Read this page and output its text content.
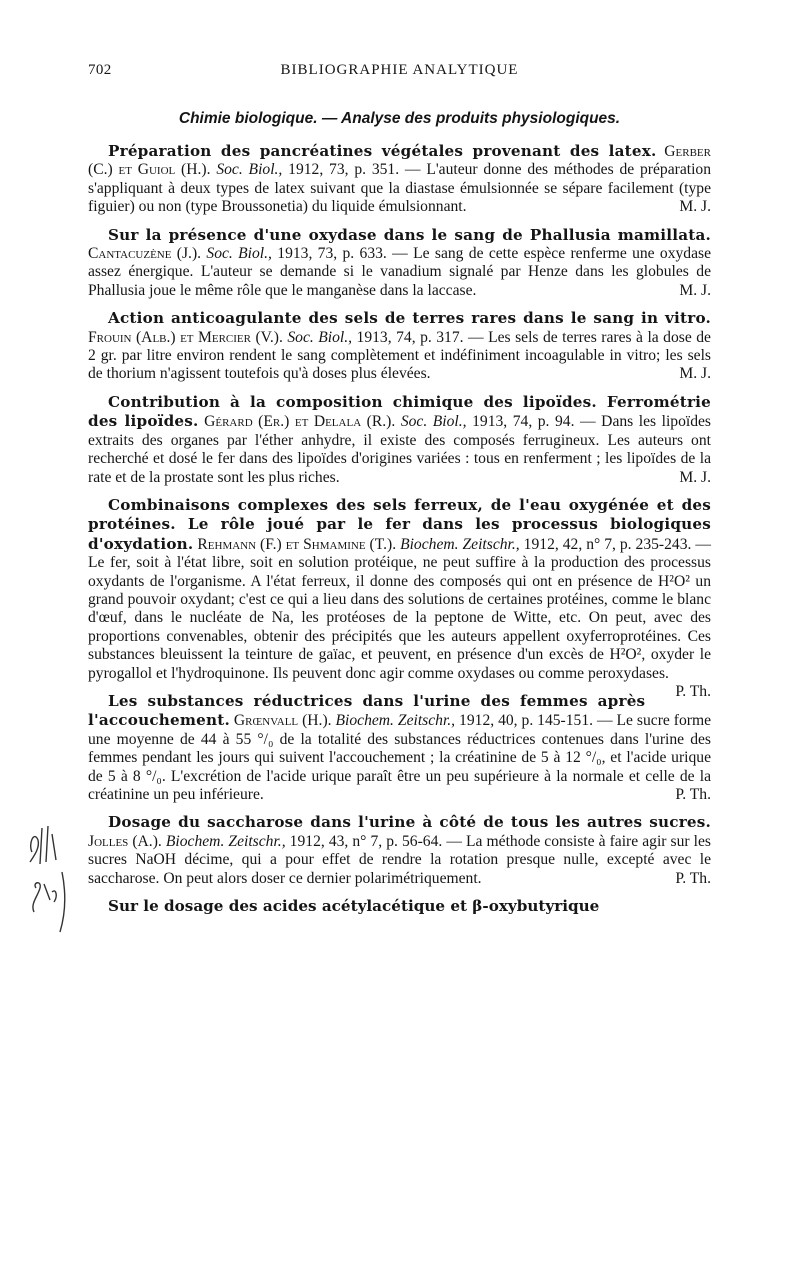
702	BIBLIOGRAPHIE ANALYTIQUE
Chimie biologique. — Analyse des produits physiologiques.

Préparation des pancréatines végétales provenant des latex. Gerber (C.) et Guiol (H.). Soc. Biol., 1912, 73, p. 351. — L'auteur donne des méthodes de préparation s'appliquant à deux types de latex suivant que la diastase émulsionnée se sépare facilement (type figuier) ou non (type Broussonetia) du liquide émulsionnant.	M. J.

Sur la présence d'une oxydase dans le sang de Phallusia mamillata. Cantacuzène (J.). Soc. Biol., 1913, 73, p. 633. — Le sang de cette espèce renferme une oxydase assez énergique. L'auteur se demande si le vanadium signalé par Henze dans les globules de Phallusia joue le même rôle que le manganèse dans la laccase.	M. J.

Action anticoagulante des sels de terres rares dans le sang in vitro. Frouin (Alb.) et Mercier (V.). Soc. Biol., 1913, 74, p. 317. — Les sels de terres rares à la dose de 2 gr. par litre environ rendent le sang complètement et indéfiniment incoagulable in vitro; les sels de thorium n'agissent toutefois qu'à doses plus élevées.	M. J.

Contribution à la composition chimique des lipoïdes. Ferrométrie des lipoïdes. Gérard (Er.) et Delala (R.). Soc. Biol., 1913, 74, p. 94. — Dans les lipoïdes extraits des organes par l'éther anhydre, il existe des composés ferrugineux. Les auteurs ont recherché et dosé le fer dans des lipoïdes d'origines variées : tous en renferment ; les lipoïdes de la rate et de la prostate sont les plus riches.	M. J.

Combinaisons complexes des sels ferreux, de l'eau oxygénée et des protéines. Le rôle joué par le fer dans les processus biologiques d'oxydation. Rehmann (F.) et Shmamine (T.). Biochem. Zeitschr., 1912, 42, n° 7, p. 235-243. — Le fer, soit à l'état libre, soit en solution protéique, ne peut suffire à la production des processus oxydants de l'organisme. A l'état ferreux, il donne des composés qui ont en présence de H²O² un grand pouvoir oxydant; c'est ce qui a lieu dans des solutions de certaines protéines, comme le blanc d'œuf, dans le nucléate de Na, les protéoses de la peptone de Witte, etc. On peut, avec des proportions convenables, obtenir des précipités que les auteurs appellent oxyferroprotéines. Ces substances bleuissent la teinture de gaïac, et peuvent, en présence d'un excès de H²O², oxyder le pyrogallol et l'hydroquinone. Ils peuvent donc agir comme oxydases ou comme peroxydases.
P. Th.

Les substances réductrices dans l'urine des femmes après l'accouchement. Grœnvall (H.). Biochem. Zeitschr., 1912, 40, p. 145-151. — Le sucre forme une moyenne de 44 à 55 °/₀ de la totalité des substances réductrices contenues dans l'urine des femmes pendant les jours qui suivent l'accouchement ; la créatinine de 5 à 12 °/₀, et l'acide urique de 5 à 8 °/₀. L'excrétion de l'acide urique paraît être un peu supérieure à la normale et celle de la créatinine un peu inférieure.	P. Th.

Dosage du saccharose dans l'urine à côté de tous les autres sucres. Jolles (A.). Biochem. Zeitschr., 1912, 43, n° 7, p. 56-64. — La méthode consiste à faire agir sur les sucres NaOH décime, qui a pour effet de rendre la rotation presque nulle, excepté avec le saccharose. On peut alors doser ce dernier polarimétriquement.	P. Th.

Sur le dosage des acides acétylacétique et β-oxybutyrique
